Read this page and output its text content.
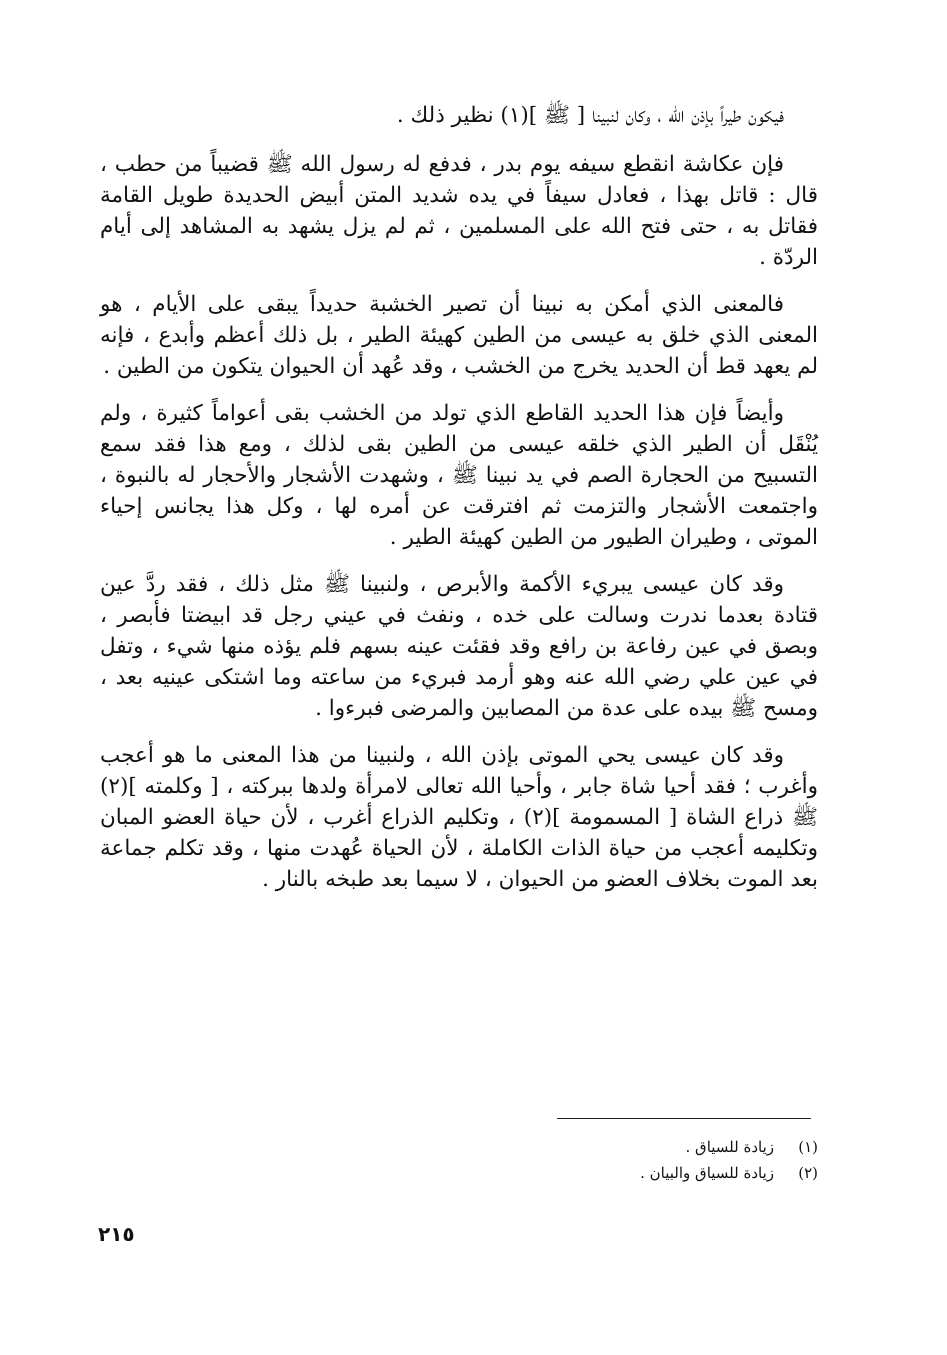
فيكون طيراً بإذن الله ، وكان لنبينا [ ﷺ ](١) نظير ذلك .

فإن عكاشة انقطع سيفه يوم بدر ، فدفع له رسول الله ﷺ قضيباً من حطب ، قال : قاتل بهذا ، فعادل سيفاً في يده شديد المتن أبيض الحديدة طويل القامة فقاتل به ، حتى فتح الله على المسلمين ، ثم لم يزل يشهد به المشاهد إلى أيام الردّة .

فالمعنى الذي أمكن به نبينا أن تصير الخشبة حديداً يبقى على الأيام ، هو المعنى الذي خلق به عيسى من الطين كهيئة الطير ، بل ذلك أعظم وأبدع ، فإنه لم يعهد قط أن الحديد يخرج من الخشب ، وقد عُهد أن الحيوان يتكون من الطين .

وأيضاً فإن هذا الحديد القاطع الذي تولد من الخشب بقى أعواماً كثيرة ، ولم يُنْقَل أن الطير الذي خلقه عيسى من الطين بقى لذلك ، ومع هذا فقد سمع التسبيح من الحجارة الصم في يد نبينا ﷺ ، وشهدت الأشجار والأحجار له بالنبوة ، واجتمعت الأشجار والتزمت ثم افترقت عن أمره لها ، وكل هذا يجانس إحياء الموتى ، وطيران الطيور من الطين كهيئة الطير .

وقد كان عيسى يبريء الأكمة والأبرص ، ولنبينا ﷺ مثل ذلك ، فقد ردَّ عين قتادة بعدما ندرت وسالت على خده ، ونفث في عيني رجل قد ابيضتا فأبصر ، وبصق في عين رفاعة بن رافع وقد فقئت عينه بسهم فلم يؤذه منها شيء ، وتفل في عين علي رضي الله عنه وهو أرمد فبريء من ساعته وما اشتكى عينيه بعد ، ومسح ﷺ بيده على عدة من المصابين والمرضى فبرءوا .

وقد كان عيسى يحي الموتى بإذن الله ، ولنبينا من هذا المعنى ما هو أعجب وأغرب ؛ فقد أحيا شاة جابر ، وأحيا الله تعالى لامرأة ولدها ببركته ، [ وكلمته ](٢) ﷺ ذراع الشاة [ المسمومة ](٢) ، وتكليم الذراع أغرب ، لأن حياة العضو المبان وتكليمه أعجب من حياة الذات الكاملة ، لأن الحياة عُهدت منها ، وقد تكلم جماعة بعد الموت بخلاف العضو من الحيوان ، لا سيما بعد طبخه بالنار .

(١)
زيادة للسياق .
(٢)
زيادة للسياق والبيان .
٢١٥
